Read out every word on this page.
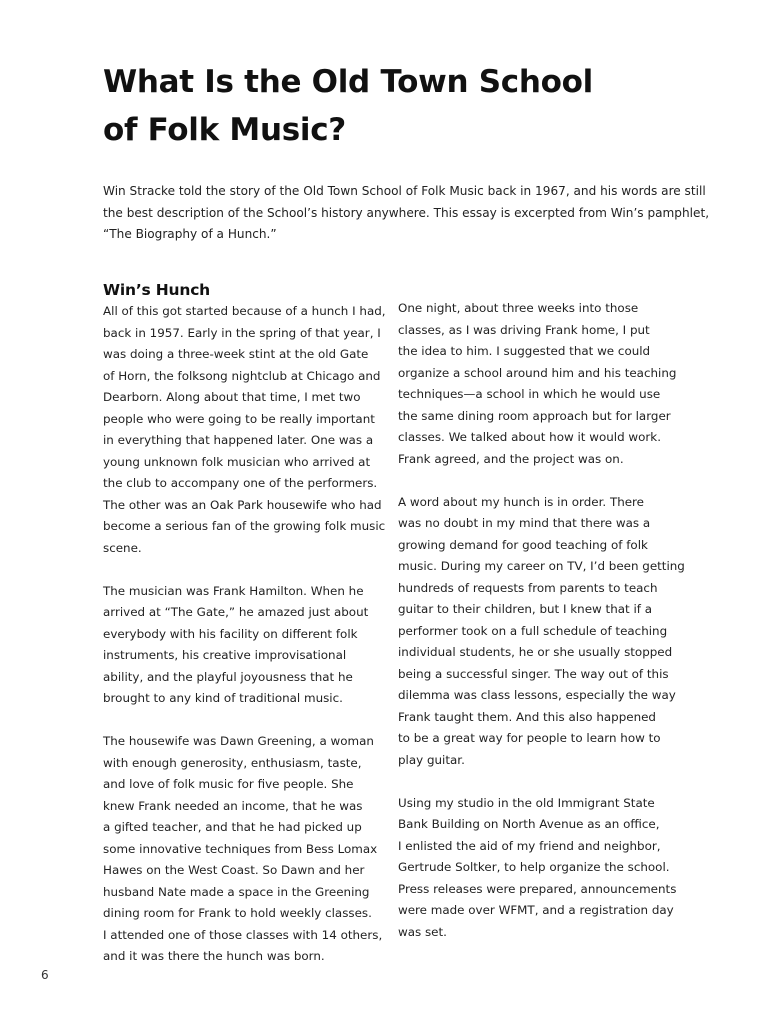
What Is the Old Town School
of Folk Music?

Win Stracke told the story of the Old Town School of Folk Music back in 1967, and his words are still
the best description of the School’s history anywhere. This essay is excerpted from Win’s pamphlet,
“The Biography of a Hunch.”

Win’s Hunch

All of this got started because of a hunch I had,
back in 1957. Early in the spring of that year, I
was doing a three-week stint at the old Gate
of Horn, the folksong nightclub at Chicago and
Dearborn. Along about that time, I met two
people who were going to be really important
in everything that happened later. One was a
young unknown folk musician who arrived at
the club to accompany one of the performers.
The other was an Oak Park housewife who had
become a serious fan of the growing folk music
scene.

The musician was Frank Hamilton. When he
arrived at “The Gate,” he amazed just about
everybody with his facility on different folk
instruments, his creative improvisational
ability, and the playful joyousness that he
brought to any kind of traditional music.

The housewife was Dawn Greening, a woman
with enough generosity, enthusiasm, taste,
and love of folk music for five people. She
knew Frank needed an income, that he was
a gifted teacher, and that he had picked up
some innovative techniques from Bess Lomax
Hawes on the West Coast. So Dawn and her
husband Nate made a space in the Greening
dining room for Frank to hold weekly classes.
I attended one of those classes with 14 others,
and it was there the hunch was born.

One night, about three weeks into those
classes, as I was driving Frank home, I put
the idea to him. I suggested that we could
organize a school around him and his teaching
techniques—a school in which he would use
the same dining room approach but for larger
classes. We talked about how it would work.
Frank agreed, and the project was on.

A word about my hunch is in order. There
was no doubt in my mind that there was a
growing demand for good teaching of folk
music. During my career on TV, I’d been getting
hundreds of requests from parents to teach
guitar to their children, but I knew that if a
performer took on a full schedule of teaching
individual students, he or she usually stopped
being a successful singer. The way out of this
dilemma was class lessons, especially the way
Frank taught them. And this also happened
to be a great way for people to learn how to
play guitar.

Using my studio in the old Immigrant State
Bank Building on North Avenue as an office,
I enlisted the aid of my friend and neighbor,
Gertrude Soltker, to help organize the school.
Press releases were prepared, announcements
were made over WFMT, and a registration day
was set.

6
